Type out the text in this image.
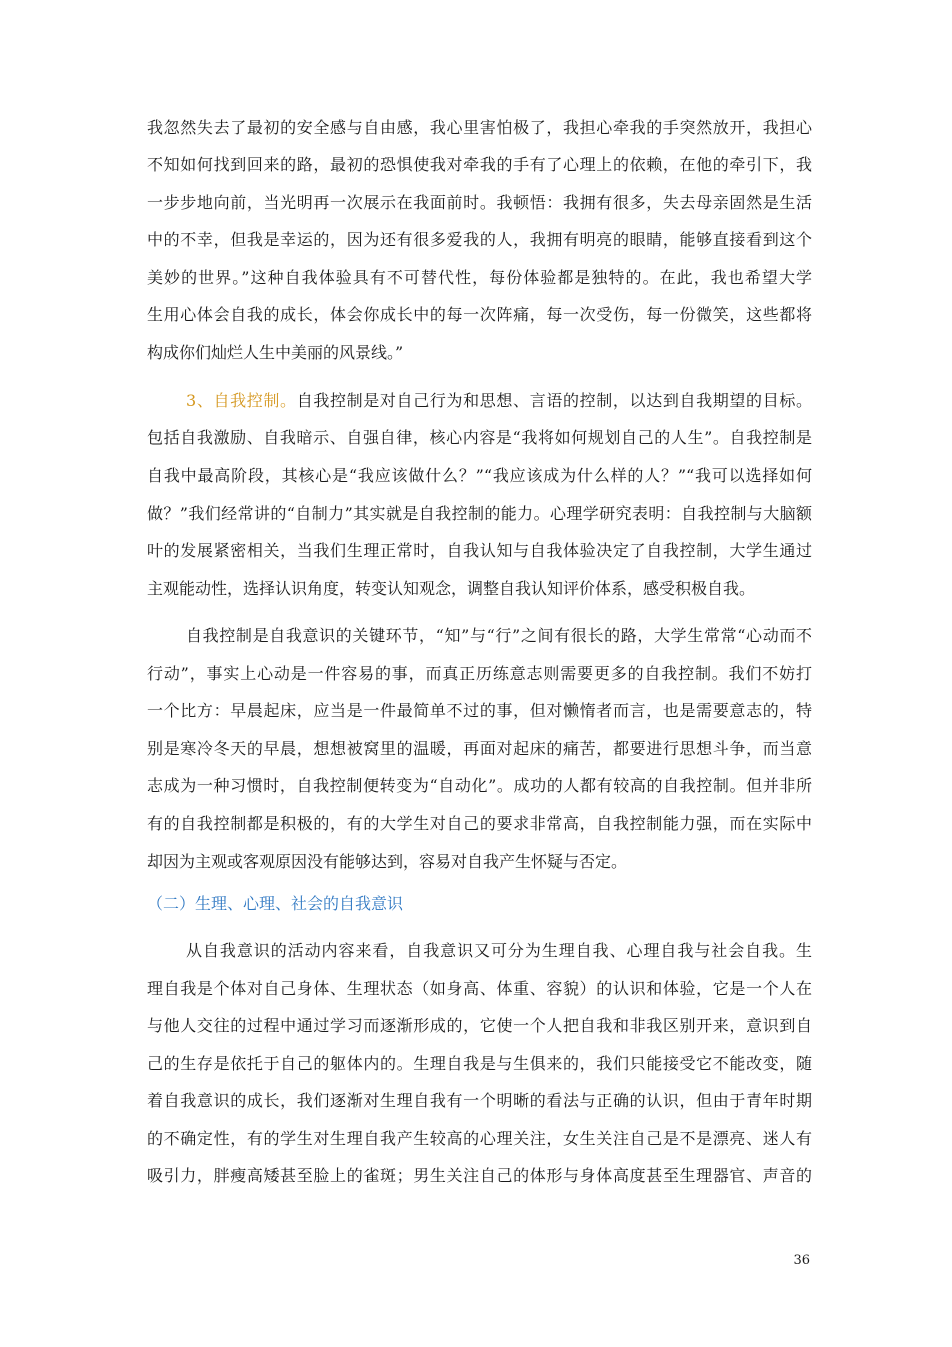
我忽然失去了最初的安全感与自由感，我心里害怕极了，我担心牵我的手突然放开，我担心
不知如何找到回来的路，最初的恐惧使我对牵我的手有了心理上的依赖，在他的牵引下，我
一步步地向前，当光明再一次展示在我面前时。我顿悟：我拥有很多，失去母亲固然是生活
中的不幸，但我是幸运的，因为还有很多爱我的人，我拥有明亮的眼睛，能够直接看到这个
美妙的世界。”这种自我体验具有不可替代性，每份体验都是独特的。在此，我也希望大学
生用心体会自我的成长，体会你成长中的每一次阵痛，每一次受伤，每一份微笑，这些都将
构成你们灿烂人生中美丽的风景线。”
3、自我控制。自我控制是对自己行为和思想、言语的控制，以达到自我期望的目标。
包括自我激励、自我暗示、自强自律，核心内容是“我将如何规划自己的人生”。自我控制是
自我中最高阶段，其核心是“我应该做什么？”“我应该成为什么样的人？”“我可以选择如何
做？”我们经常讲的“自制力”其实就是自我控制的能力。心理学研究表明：自我控制与大脑额
叶的发展紧密相关，当我们生理正常时，自我认知与自我体验决定了自我控制，大学生通过
主观能动性，选择认识角度，转变认知观念，调整自我认知评价体系，感受积极自我。
自我控制是自我意识的关键环节，“知”与“行”之间有很长的路，大学生常常“心动而不
行动”，事实上心动是一件容易的事，而真正历练意志则需要更多的自我控制。我们不妨打
一个比方：早晨起床，应当是一件最简单不过的事，但对懒惰者而言，也是需要意志的，特
别是寒冷冬天的早晨，想想被窝里的温暖，再面对起床的痛苦，都要进行思想斗争，而当意
志成为一种习惯时，自我控制便转变为“自动化”。成功的人都有较高的自我控制。但并非所
有的自我控制都是积极的，有的大学生对自己的要求非常高，自我控制能力强，而在实际中
却因为主观或客观原因没有能够达到，容易对自我产生怀疑与否定。
（二）生理、心理、社会的自我意识
从自我意识的活动内容来看，自我意识又可分为生理自我、心理自我与社会自我。生
理自我是个体对自己身体、生理状态（如身高、体重、容貌）的认识和体验，它是一个人在
与他人交往的过程中通过学习而逐渐形成的，它使一个人把自我和非我区别开来，意识到自
己的生存是依托于自己的躯体内的。生理自我是与生俱来的，我们只能接受它不能改变，随
着自我意识的成长，我们逐渐对生理自我有一个明晰的看法与正确的认识，但由于青年时期
的不确定性，有的学生对生理自我产生较高的心理关注，女生关注自己是不是漂亮、迷人有
吸引力，胖瘦高矮甚至脸上的雀斑；男生关注自己的体形与身体高度甚至生理器官、声音的
36
